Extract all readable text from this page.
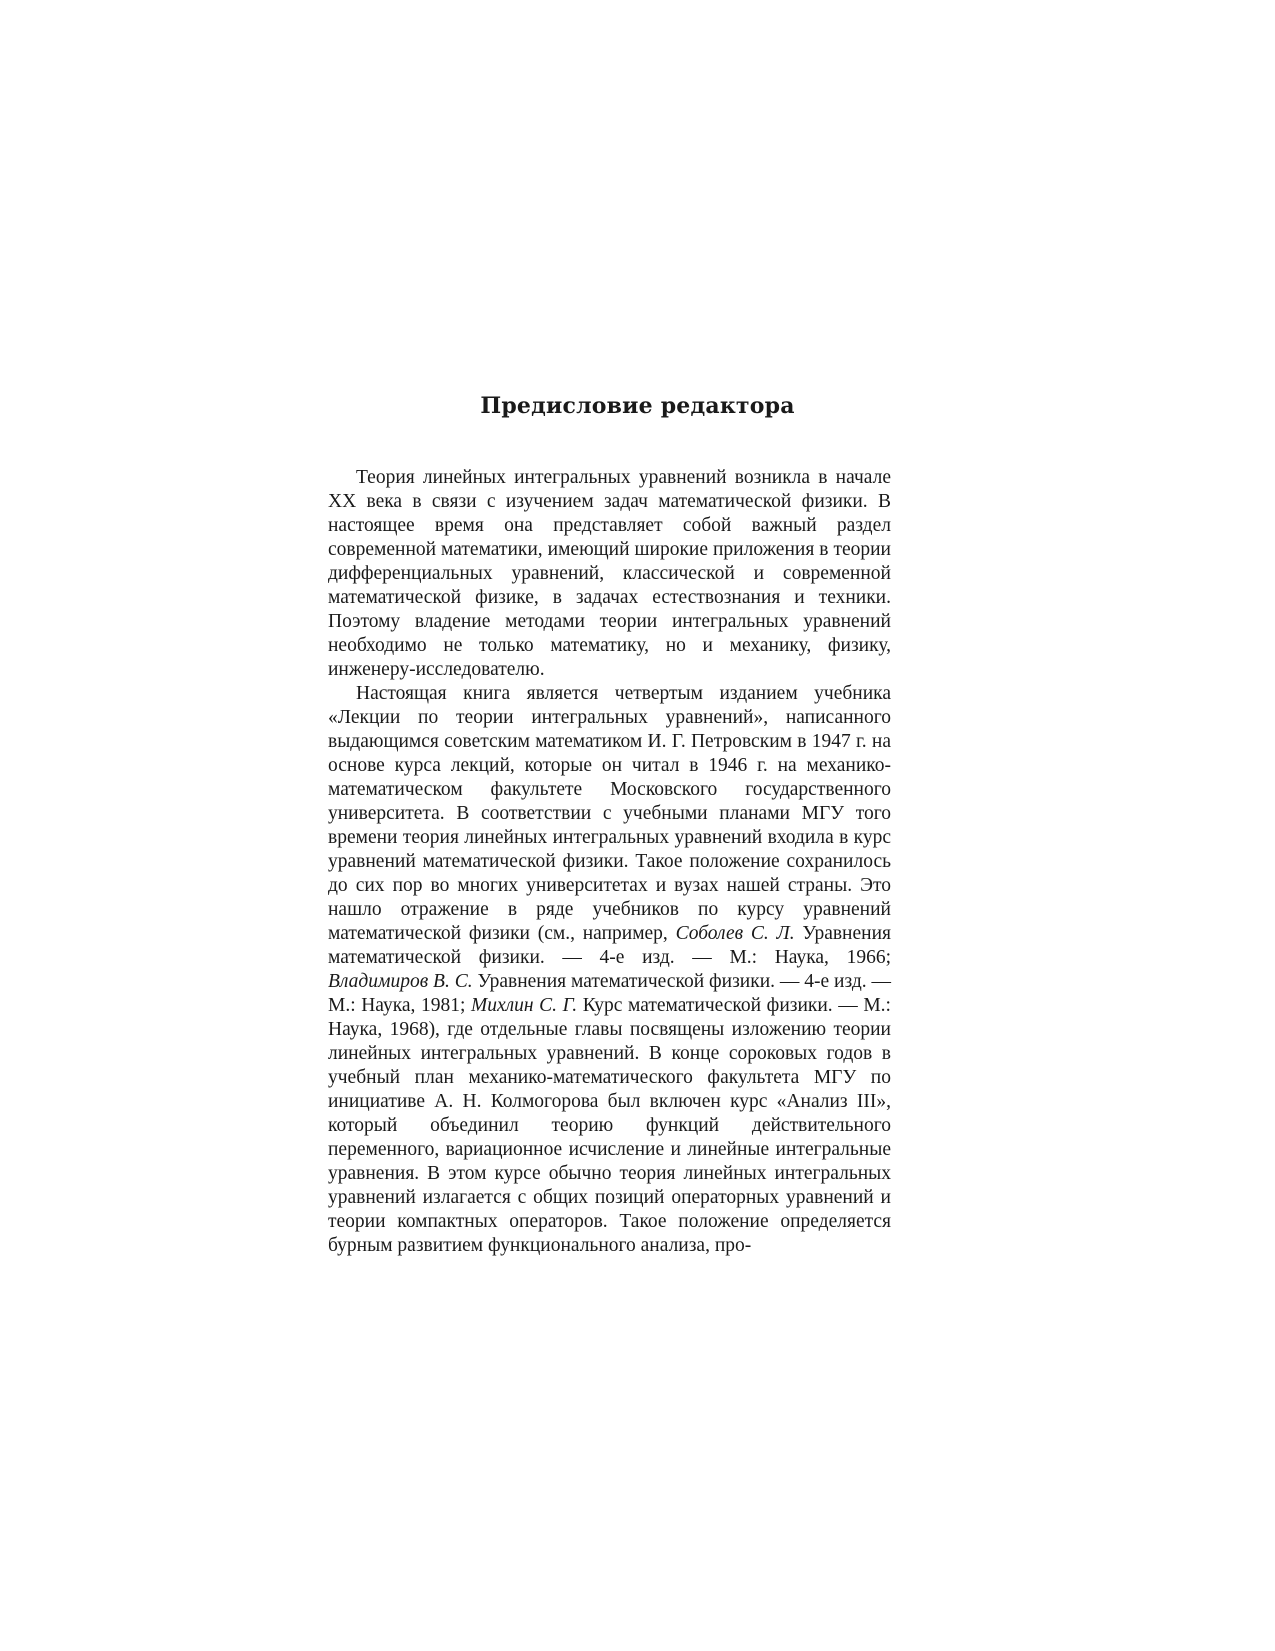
Предисловие редактора

Теория линейных интегральных уравнений возникла в начале XX века в связи с изучением задач математической физики. В настоящее время она представляет собой важный раздел современной математики, имеющий широкие приложения в теории дифференциальных уравнений, классической и современной математической физике, в задачах естествознания и техники. Поэтому владение методами теории интегральных уравнений необходимо не только математику, но и механику, физику, инженеру-исследователю.

Настоящая книга является четвертым изданием учебника «Лекции по теории интегральных уравнений», написанного выдающимся советским математиком И. Г. Петровским в 1947 г. на основе курса лекций, которые он читал в 1946 г. на механико-математическом факультете Московского государственного университета. В соответствии с учебными планами МГУ того времени теория линейных интегральных уравнений входила в курс уравнений математической физики. Такое положение сохранилось до сих пор во многих университетах и вузах нашей страны. Это нашло отражение в ряде учебников по курсу уравнений математической физики (см., например, Соболев С. Л. Уравнения математической физики. — 4-е изд. — М.: Наука, 1966; Владимиров В. С. Уравнения математической физики. — 4-е изд. — М.: Наука, 1981; Михлин С. Г. Курс математической физики. — М.: Наука, 1968), где отдельные главы посвящены изложению теории линейных интегральных уравнений. В конце сороковых годов в учебный план механико-математического факультета МГУ по инициативе А. Н. Колмогорова был включен курс «Анализ III», который объединил теорию функций действительного переменного, вариационное исчисление и линейные интегральные уравнения. В этом курсе обычно теория линейных интегральных уравнений излагается с общих позиций операторных уравнений и теории компактных операторов. Такое положение определяется бурным развитием функционального анализа, про-
